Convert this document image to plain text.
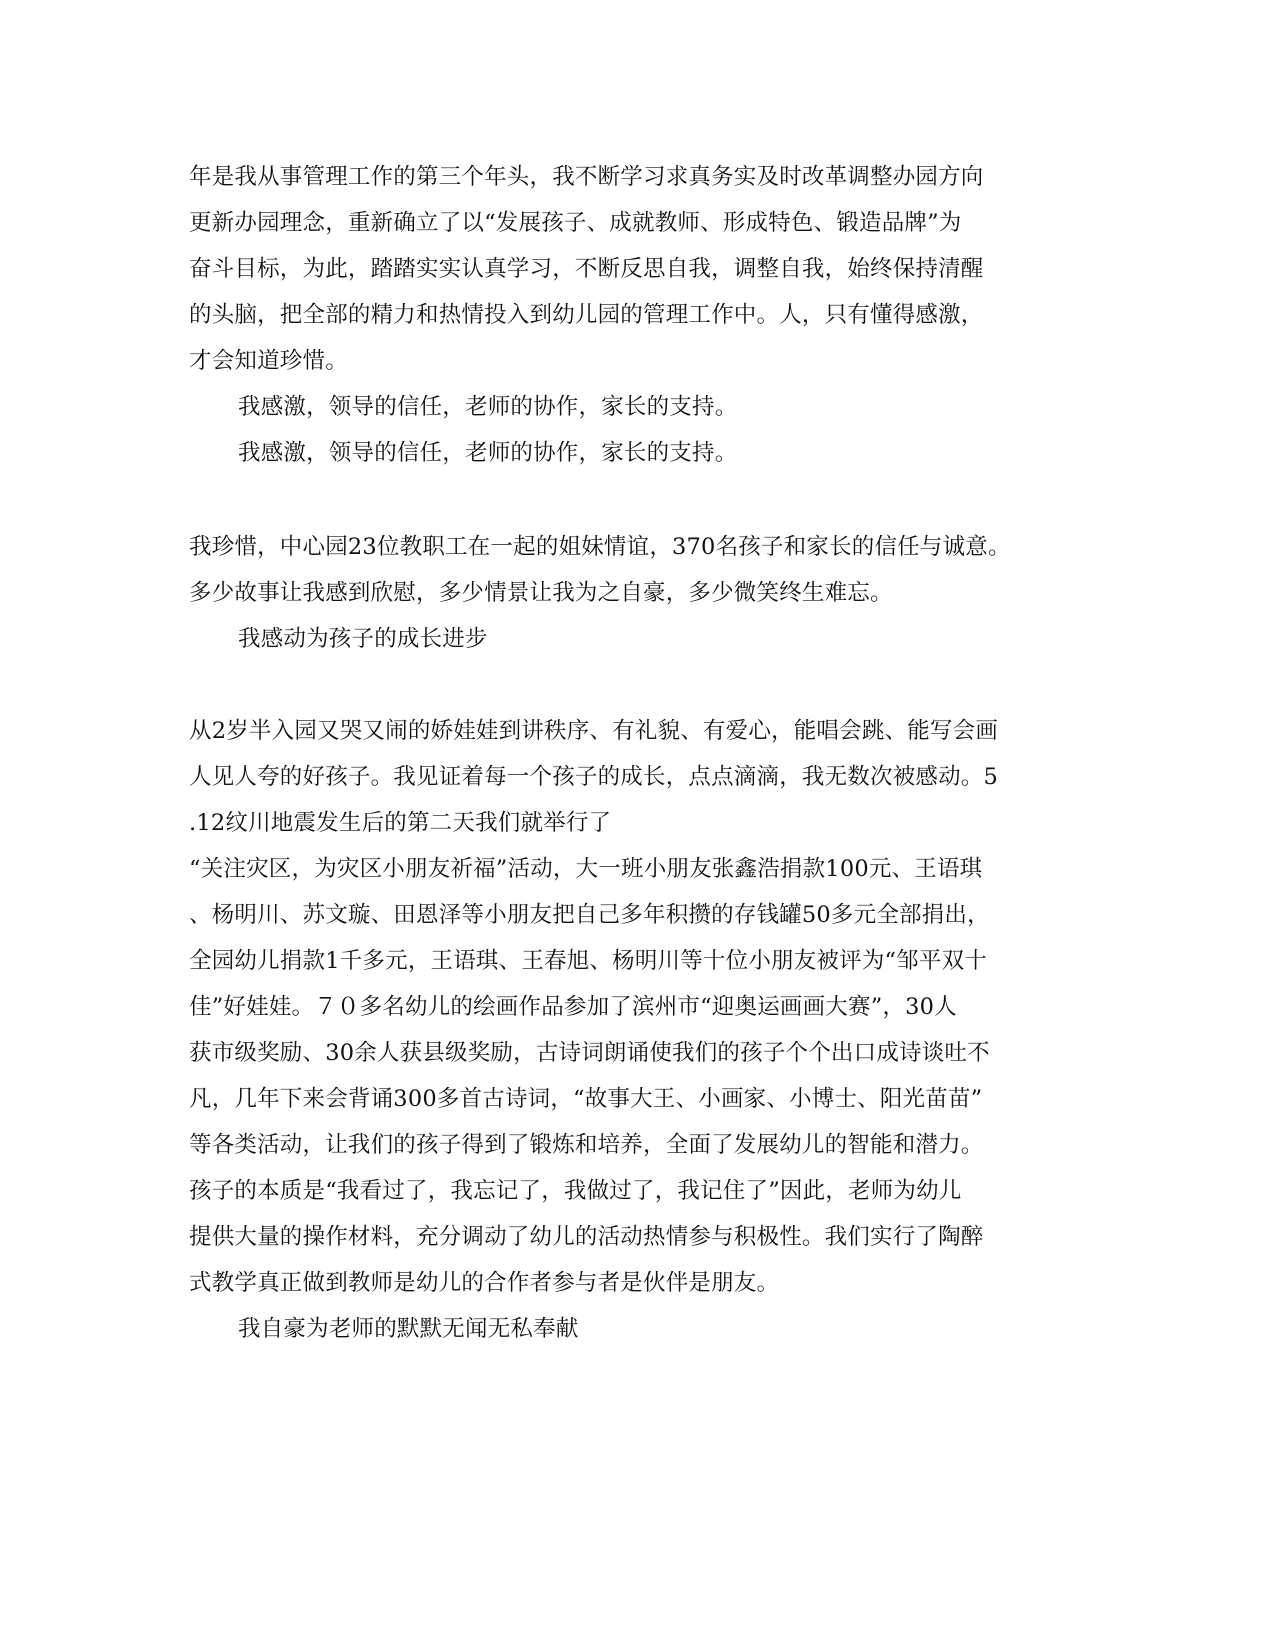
年是我从事管理工作的第三个年头，我不断学习求真务实及时改革调整办园方向
更新办园理念，重新确立了以“发展孩子、成就教师、形成特色、锻造品牌”为
奋斗目标，为此，踏踏实实认真学习，不断反思自我，调整自我，始终保持清醒
的头脑，把全部的精力和热情投入到幼儿园的管理工作中。人，只有懂得感激，
才会知道珍惜。
我感激，领导的信任，老师的协作，家长的支持。
我感激，领导的信任，老师的协作，家长的支持。
我珍惜，中心园23位教职工在一起的姐妹情谊，370名孩子和家长的信任与诚意。
多少故事让我感到欣慰，多少情景让我为之自豪，多少微笑终生难忘。
我感动为孩子的成长进步
从2岁半入园又哭又闹的娇娃娃到讲秩序、有礼貌、有爱心，能唱会跳、能写会画
人见人夸的好孩子。我见证着每一个孩子的成长，点点滴滴，我无数次被感动。5
.12纹川地震发生后的第二天我们就举行了
“关注灾区，为灾区小朋友祈福”活动，大一班小朋友张鑫浩捐款100元、王语琪
、杨明川、苏文璇、田恩泽等小朋友把自己多年积攒的存钱罐50多元全部捐出，
全园幼儿捐款1千多元，王语琪、王春旭、杨明川等十位小朋友被评为“邹平双十
佳”好娃娃。７０多名幼儿的绘画作品参加了滨州市“迎奥运画画大赛”，30人
获市级奖励、30余人获县级奖励，古诗词朗诵使我们的孩子个个出口成诗谈吐不
凡，几年下来会背诵300多首古诗词，“故事大王、小画家、小博士、阳光苗苗”
等各类活动，让我们的孩子得到了锻炼和培养，全面了发展幼儿的智能和潜力。
孩子的本质是“我看过了，我忘记了，我做过了，我记住了”因此，老师为幼儿
提供大量的操作材料，充分调动了幼儿的活动热情参与积极性。我们实行了陶醉
式教学真正做到教师是幼儿的合作者参与者是伙伴是朋友。
我自豪为老师的默默无闻无私奉献
